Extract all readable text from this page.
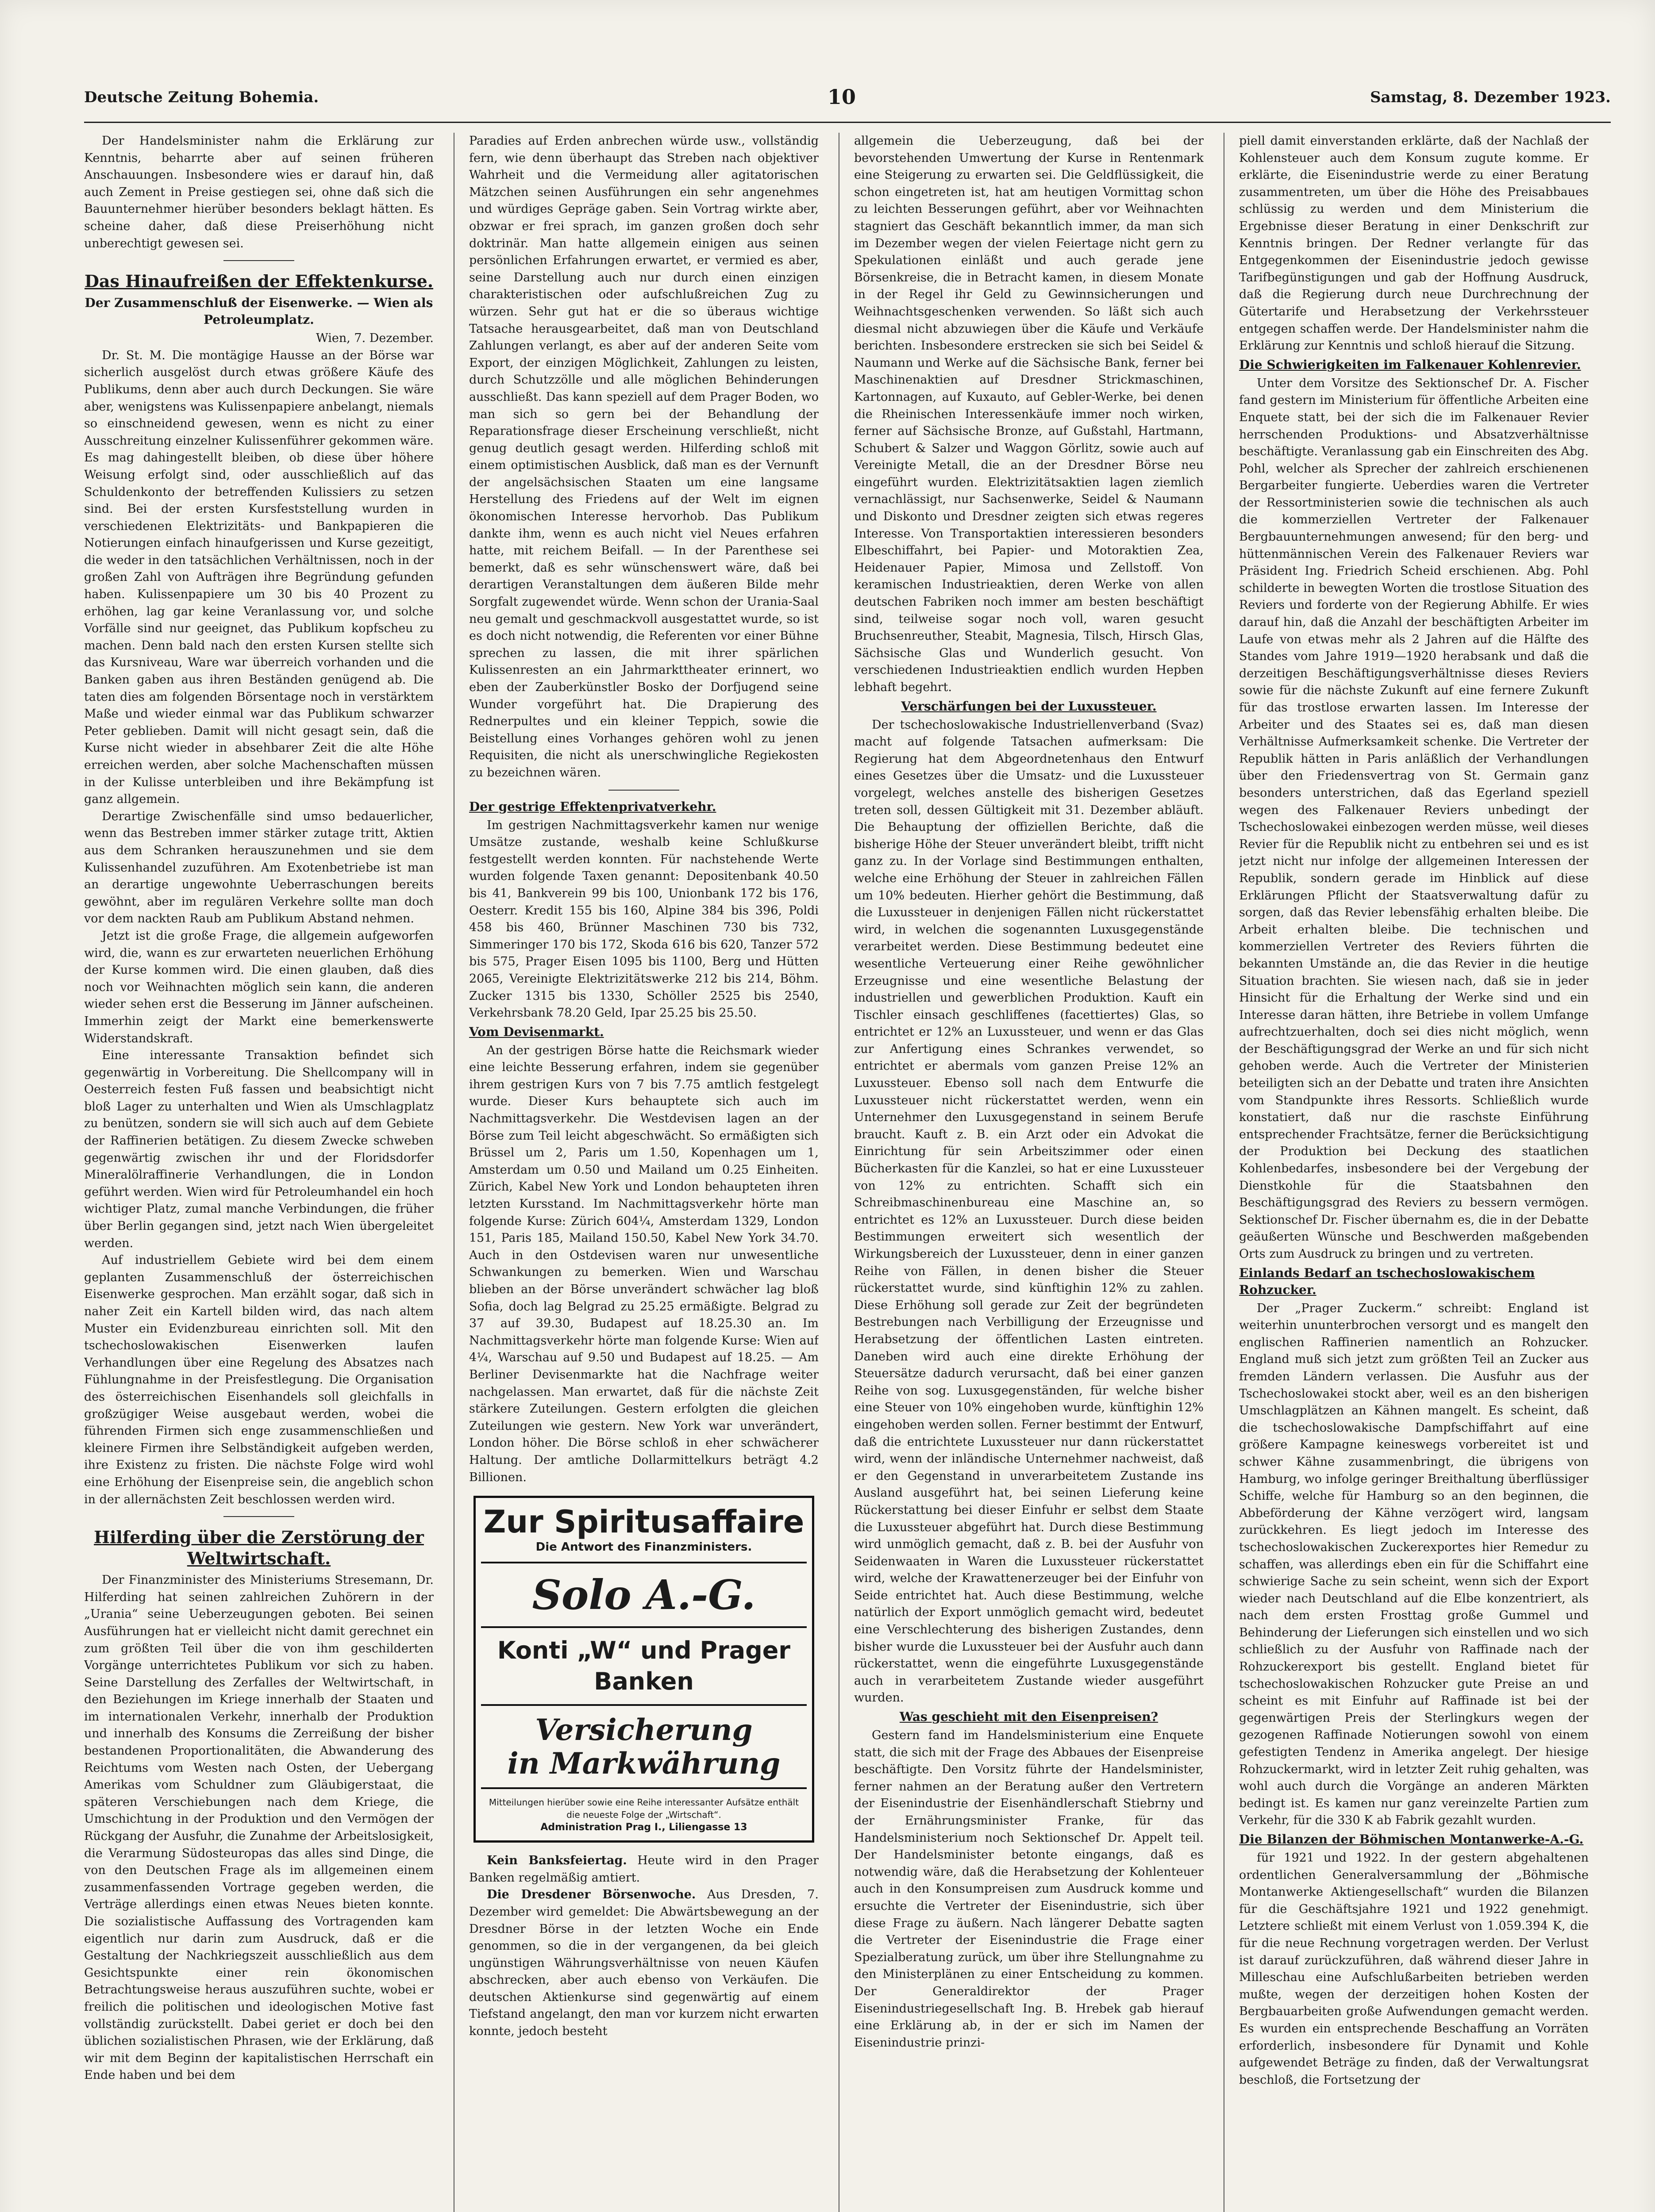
Deutsche Zeitung Bohemia.	10	Samstag, 8. Dezember 1923.

Der Handelsminister nahm die Erklärung zur Kenntnis, beharrte aber auf seinen früheren Anschauungen. Insbesondere wies er darauf hin, daß auch Zement in Preise gestiegen sei, ohne daß sich die Bauunternehmer hierüber besonders beklagt hätten. Es scheine daher, daß diese Preiserhöhung nicht unberechtigt gewesen sei.

Das Hinaufreißen der Effektenkurse.
Der Zusammenschluß der Eisenwerke. — Wien als Petroleumplatz.
Wien, 7. Dezember.

Dr. St. M. Die montägige Hausse an der Börse war sicherlich ausgelöst durch etwas größere Käufe des Publikums, denn aber auch durch Deckungen. Sie wäre aber, wenigstens was Kulissenpapiere anbelangt, niemals so einschneidend gewesen, wenn es nicht zu einer Ausschreitung einzelner Kulissenführer gekommen wäre. Es mag dahingestellt bleiben, ob diese über höhere Weisung erfolgt sind, oder ausschließlich auf das Schuldenkonto der betreffenden Kulissiers zu setzen sind. Bei der ersten Kursfeststellung wurden in verschiedenen Elektrizitäts- und Bankpapieren die Notierungen einfach hinaufgerissen und Kurse gezeitigt, die weder in den tatsächlichen Verhältnissen, noch in der großen Zahl von Aufträgen ihre Begründung gefunden haben. Kulissenpapiere um 30 bis 40 Prozent zu erhöhen, lag gar keine Veranlassung vor, und solche Vorfälle sind nur geeignet, das Publikum kopfscheu zu machen. Denn bald nach den ersten Kursen stellte sich das Kursniveau, Ware war überreich vorhanden und die Banken gaben aus ihren Beständen genügend ab. Die taten dies am folgenden Börsentage noch in verstärktem Maße und wieder einmal war das Publikum schwarzer Peter geblieben. Damit will nicht gesagt sein, daß die Kurse nicht wieder in absehbarer Zeit die alte Höhe erreichen werden, aber solche Machenschaften müssen in der Kulisse unterbleiben und ihre Bekämpfung ist ganz allgemein.

Derartige Zwischenfälle sind umso bedauerlicher, wenn das Bestreben immer stärker zutage tritt, Aktien aus dem Schranken herauszunehmen und sie dem Kulissenhandel zuzuführen. Am Exotenbetriebe ist man an derartige ungewohnte Ueberraschungen bereits gewöhnt, aber im regulären Verkehre sollte man doch vor dem nackten Raub am Publikum Abstand nehmen.

Jetzt ist die große Frage, die allgemein aufgeworfen wird, die, wann es zur erwarteten neuerlichen Erhöhung der Kurse kommen wird. Die einen glauben, daß dies noch vor Weihnachten möglich sein kann, die anderen wieder sehen erst die Besserung im Jänner aufscheinen. Immerhin zeigt der Markt eine bemerkenswerte Widerstandskraft.

Eine interessante Transaktion befindet sich gegenwärtig in Vorbereitung. Die Shellcompany will in Oesterreich festen Fuß fassen und beabsichtigt nicht bloß Lager zu unterhalten und Wien als Umschlagplatz zu benützen, sondern sie will sich auch auf dem Gebiete der Raffinerien betätigen. Zu diesem Zwecke schweben gegenwärtig zwischen ihr und der Floridsdorfer Mineralölraffinerie Verhandlungen, die in London geführt werden. Wien wird für Petroleumhandel ein hoch wichtiger Platz, zumal manche Verbindungen, die früher über Berlin gegangen sind, jetzt nach Wien übergeleitet werden.

Auf industriellem Gebiete wird bei dem einem geplanten Zusammenschluß der österreichischen Eisenwerke gesprochen. Man erzählt sogar, daß sich in naher Zeit ein Kartell bilden wird, das nach altem Muster ein Evidenzbureau einrichten soll. Mit den tschechoslowakischen Eisenwerken laufen Verhandlungen über eine Regelung des Absatzes nach Fühlungnahme in der Preisfestlegung. Die Organisation des österreichischen Eisenhandels soll gleichfalls in großzügiger Weise ausgebaut werden, wobei die führenden Firmen sich enge zusammenschließen und kleinere Firmen ihre Selbständigkeit aufgeben werden, ihre Existenz zu fristen. Die nächste Folge wird wohl eine Erhöhung der Eisenpreise sein, die angeblich schon in der allernächsten Zeit beschlossen werden wird.

Hilferding über die Zerstörung der Weltwirtschaft.

Der Finanzminister des Ministeriums Stresemann, Dr. Hilferding hat seinen zahlreichen Zuhörern in der „Urania“ seine Ueberzeugungen geboten. Bei seinen Ausführungen hat er vielleicht nicht damit gerechnet ein zum größten Teil über die von ihm geschilderten Vorgänge unterrichtetes Publikum vor sich zu haben. Seine Darstellung des Zerfalles der Weltwirtschaft, in den Beziehungen im Kriege innerhalb der Staaten und im internationalen Verkehr, innerhalb der Produktion und innerhalb des Konsums die Zerreißung der bisher bestandenen Proportionalitäten, die Abwanderung des Reichtums vom Westen nach Osten, der Uebergang Amerikas vom Schuldner zum Gläubigerstaat, die späteren Verschiebungen nach dem Kriege, die Umschichtung in der Produktion und den Vermögen der Rückgang der Ausfuhr, die Zunahme der Arbeitslosigkeit, die Verarmung Südosteuropas das alles sind Dinge, die von den Deutschen Frage als im allgemeinen einem zusammenfassenden Vortrage gegeben werden, die Verträge allerdings einen etwas Neues bieten konnte. Die sozialistische Auffassung des Vortragenden kam eigentlich nur darin zum Ausdruck, daß er die Gestaltung der Nachkriegszeit ausschließlich aus dem Gesichtspunkte einer rein ökonomischen Betrachtungsweise heraus auszuführen suchte, wobei er freilich die politischen und ideologischen Motive fast vollständig zurückstellt. Dabei geriet er doch bei den üblichen sozialistischen Phrasen, wie der Erklärung, daß wir mit dem Beginn der kapitalistischen Herrschaft ein Ende haben und bei dem

Paradies auf Erden anbrechen würde usw., vollständig fern, wie denn überhaupt das Streben nach objektiver Wahrheit und die Vermeidung aller agitatorischen Mätzchen seinen Ausführungen ein sehr angenehmes und würdiges Gepräge gaben. Sein Vortrag wirkte aber, obzwar er frei sprach, im ganzen großen doch sehr doktrinär. Man hatte allgemein einigen aus seinen persönlichen Erfahrungen erwartet, er vermied es aber, seine Darstellung auch nur durch einen einzigen charakteristischen oder aufschlußreichen Zug zu würzen. Sehr gut hat er die so überaus wichtige Tatsache herausgearbeitet, daß man von Deutschland Zahlungen verlangt, es aber auf der anderen Seite vom Export, der einzigen Möglichkeit, Zahlungen zu leisten, durch Schutzzölle und alle möglichen Behinderungen ausschließt. Das kann speziell auf dem Prager Boden, wo man sich so gern bei der Behandlung der Reparationsfrage dieser Erscheinung verschließt, nicht genug deutlich gesagt werden. Hilferding schloß mit einem optimistischen Ausblick, daß man es der Vernunft der angelsächsischen Staaten um eine langsame Herstellung des Friedens auf der Welt im eignen ökonomischen Interesse hervorhob. Das Publikum dankte ihm, wenn es auch nicht viel Neues erfahren hatte, mit reichem Beifall. — In der Parenthese sei bemerkt, daß es sehr wünschenswert wäre, daß bei derartigen Veranstaltungen dem äußeren Bilde mehr Sorgfalt zugewendet würde. Wenn schon der Urania-Saal neu gemalt und geschmackvoll ausgestattet wurde, so ist es doch nicht notwendig, die Referenten vor einer Bühne sprechen zu lassen, die mit ihrer spärlichen Kulissenresten an ein Jahrmarkttheater erinnert, wo eben der Zauberkünstler Bosko der Dorfjugend seine Wunder vorgeführt hat. Die Drapierung des Rednerpultes und ein kleiner Teppich, sowie die Beistellung eines Vorhanges gehören wohl zu jenen Requisiten, die nicht als unerschwingliche Regiekosten zu bezeichnen wären.

Der gestrige Effektenprivatverkehr.

Im gestrigen Nachmittagsverkehr kamen nur wenige Umsätze zustande, weshalb keine Schlußkurse festgestellt werden konnten. Für nachstehende Werte wurden folgende Taxen genannt: Depositenbank 40.50 bis 41, Bankverein 99 bis 100, Unionbank 172 bis 176, Oesterr. Kredit 155 bis 160, Alpine 384 bis 396, Poldi 458 bis 460, Brünner Maschinen 730 bis 732, Simmeringer 170 bis 172, Skoda 616 bis 620, Tanzer 572 bis 575, Prager Eisen 1095 bis 1100, Berg und Hütten 2065, Vereinigte Elektrizitätswerke 212 bis 214, Böhm. Zucker 1315 bis 1330, Schöller 2525 bis 2540, Verkehrsbank 78.20 Geld, Ipar 25.25 bis 25.50.

Vom Devisenmarkt.

An der gestrigen Börse hatte die Reichsmark wieder eine leichte Besserung erfahren, indem sie gegenüber ihrem gestrigen Kurs von 7 bis 7.75 amtlich festgelegt wurde. Dieser Kurs behauptete sich auch im Nachmittagsverkehr. Die Westdevisen lagen an der Börse zum Teil leicht abgeschwächt. So ermäßigten sich Brüssel um 2, Paris um 1.50, Kopenhagen um 1, Amsterdam um 0.50 und Mailand um 0.25 Einheiten. Zürich, Kabel New York und London behaupteten ihren letzten Kursstand. Im Nachmittagsverkehr hörte man folgende Kurse: Zürich 604¼, Amsterdam 1329, London 151, Paris 185, Mailand 150.50, Kabel New York 34.70. Auch in den Ostdevisen waren nur unwesentliche Schwankungen zu bemerken. Wien und Warschau blieben an der Börse unverändert schwächer lag bloß Sofia, doch lag Belgrad zu 25.25 ermäßigte. Belgrad zu 37 auf 39.30, Budapest auf 18.25.30 an. Im Nachmittagsverkehr hörte man folgende Kurse: Wien auf 4¼, Warschau auf 9.50 und Budapest auf 18.25. — Am Berliner Devisenmarkte hat die Nachfrage weiter nachgelassen. Man erwartet, daß für die nächste Zeit stärkere Zuteilungen. Gestern erfolgten die gleichen Zuteilungen wie gestern. New York war unverändert, London höher. Die Börse schloß in eher schwächerer Haltung. Der amtliche Dollarmittelkurs beträgt 4.2 Billionen.

Zur Spiritusaffaire
Die Antwort des Finanzministers.
Solo A.-G.
Konti „W“ und Prager Banken
Versicherung
in Markwährung
Mitteilungen hierüber sowie eine Reihe interessanter Aufsätze enthält die neueste Folge der „Wirtschaft“.
Administration Prag I., Liliengasse 13

Kein Banksfeiertag. Heute wird in den Prager Banken regelmäßig amtiert.

Die Dresdener Börsenwoche. Aus Dresden, 7. Dezember wird gemeldet: Die Abwärtsbewegung an der Dresdner Börse in der letzten Woche ein Ende genommen, so die in der vergangenen, da bei gleich ungünstigen Währungsverhältnisse von neuen Käufen abschrecken, aber auch ebenso von Verkäufen. Die deutschen Aktienkurse sind gegenwärtig auf einem Tiefstand angelangt, den man vor kurzem nicht erwarten konnte, jedoch besteht

allgemein die Ueberzeugung, daß bei der bevorstehenden Umwertung der Kurse in Rentenmark eine Steigerung zu erwarten sei. Die Geldflüssigkeit, die schon eingetreten ist, hat am heutigen Vormittag schon zu leichten Besserungen geführt, aber vor Weihnachten stagniert das Geschäft bekanntlich immer, da man sich im Dezember wegen der vielen Feiertage nicht gern zu Spekulationen einläßt und auch gerade jene Börsenkreise, die in Betracht kamen, in diesem Monate in der Regel ihr Geld zu Gewinnsicherungen und Weihnachtsgeschenken verwenden. So läßt sich auch diesmal nicht abzuwiegen über die Käufe und Verkäufe berichten. Insbesondere erstrecken sie sich bei Seidel & Naumann und Werke auf die Sächsische Bank, ferner bei Maschinenaktien auf Dresdner Strickmaschinen, Kartonnagen, auf Kuxauto, auf Gebler-Werke, bei denen die Rheinischen Interessenkäufe immer noch wirken, ferner auf Sächsische Bronze, auf Gußstahl, Hartmann, Schubert & Salzer und Waggon Görlitz, sowie auch auf Vereinigte Metall, die an der Dresdner Börse neu eingeführt wurden. Elektrizitätsaktien lagen ziemlich vernachlässigt, nur Sachsenwerke, Seidel & Naumann und Diskonto und Dresdner zeigten sich etwas regeres Interesse. Von Transportaktien interessieren besonders Elbeschiffahrt, bei Papier- und Motoraktien Zea, Heidenauer Papier, Mimosa und Zellstoff. Von keramischen Industrieaktien, deren Werke von allen deutschen Fabriken noch immer am besten beschäftigt sind, teilweise sogar noch voll, waren gesucht Bruchsenreuther, Steabit, Magnesia, Tilsch, Hirsch Glas, Sächsische Glas und Wunderlich gesucht. Von verschiedenen Industrieaktien endlich wurden Hepben lebhaft begehrt.

Verschärfungen bei der Luxussteuer.

Der tschechoslowakische Industriellenverband (Svaz) macht auf folgende Tatsachen aufmerksam: Die Regierung hat dem Abgeordnetenhaus den Entwurf eines Gesetzes über die Umsatz- und die Luxussteuer vorgelegt, welches anstelle des bisherigen Gesetzes treten soll, dessen Gültigkeit mit 31. Dezember abläuft. Die Behauptung der offiziellen Berichte, daß die bisherige Höhe der Steuer unverändert bleibt, trifft nicht ganz zu. In der Vorlage sind Bestimmungen enthalten, welche eine Erhöhung der Steuer in zahlreichen Fällen um 10% bedeuten. Hierher gehört die Bestimmung, daß die Luxussteuer in denjenigen Fällen nicht rückerstattet wird, in welchen die sogenannten Luxusgegenstände verarbeitet werden. Diese Bestimmung bedeutet eine wesentliche Verteuerung einer Reihe gewöhnlicher Erzeugnisse und eine wesentliche Belastung der industriellen und gewerblichen Produktion. Kauft ein Tischler einsach geschliffenes (facettiertes) Glas, so entrichtet er 12% an Luxussteuer, und wenn er das Glas zur Anfertigung eines Schrankes verwendet, so entrichtet er abermals vom ganzen Preise 12% an Luxussteuer. Ebenso soll nach dem Entwurfe die Luxussteuer nicht rückerstattet werden, wenn ein Unternehmer den Luxusgegenstand in seinem Berufe braucht. Kauft z. B. ein Arzt oder ein Advokat die Einrichtung für sein Arbeitszimmer oder einen Bücherkasten für die Kanzlei, so hat er eine Luxussteuer von 12% zu entrichten. Schafft sich ein Schreibmaschinenbureau eine Maschine an, so entrichtet es 12% an Luxussteuer. Durch diese beiden Bestimmungen erweitert sich wesentlich der Wirkungsbereich der Luxussteuer, denn in einer ganzen Reihe von Fällen, in denen bisher die Steuer rückerstattet wurde, sind künftighin 12% zu zahlen. Diese Erhöhung soll gerade zur Zeit der begründeten Bestrebungen nach Verbilligung der Erzeugnisse und Herabsetzung der öffentlichen Lasten eintreten. Daneben wird auch eine direkte Erhöhung der Steuersätze dadurch verursacht, daß bei einer ganzen Reihe von sog. Luxusgegenständen, für welche bisher eine Steuer von 10% eingehoben wurde, künftighin 12% eingehoben werden sollen. Ferner bestimmt der Entwurf, daß die entrichtete Luxussteuer nur dann rückerstattet wird, wenn der inländische Unternehmer nachweist, daß er den Gegenstand in unverarbeitetem Zustande ins Ausland ausgeführt hat, bei seinen Lieferung keine Rückerstattung bei dieser Einfuhr er selbst dem Staate die Luxussteuer abgeführt hat. Durch diese Bestimmung wird unmöglich gemacht, daß z. B. bei der Ausfuhr von Seidenwaaten in Waren die Luxussteuer rückerstattet wird, welche der Krawattenerzeuger bei der Einfuhr von Seide entrichtet hat. Auch diese Bestimmung, welche natürlich der Export unmöglich gemacht wird, bedeutet eine Verschlechterung des bisherigen Zustandes, denn bisher wurde die Luxussteuer bei der Ausfuhr auch dann rückerstattet, wenn die eingeführte Luxusgegenstände auch in verarbeitetem Zustande wieder ausgeführt wurden.

Was geschieht mit den Eisenpreisen?

Gestern fand im Handelsministerium eine Enquete statt, die sich mit der Frage des Abbaues der Eisenpreise beschäftigte. Den Vorsitz führte der Handelsminister, ferner nahmen an der Beratung außer den Vertretern der Eisenindustrie der Eisenhändlerschaft Stiebrny und der Ernährungsminister Franke, für das Handelsministerium noch Sektionschef Dr. Appelt teil. Der Handelsminister betonte eingangs, daß es notwendig wäre, daß die Herabsetzung der Kohlenteuer auch in den Konsumpreisen zum Ausdruck komme und ersuchte die Vertreter der Eisenindustrie, sich über diese Frage zu äußern. Nach längerer Debatte sagten die Vertreter der Eisenindustrie die Frage einer Spezialberatung zurück, um über ihre Stellungnahme zu den Ministerplänen zu einer Entscheidung zu kommen. Der Generaldirektor der Prager Eisenindustriegesellschaft Ing. B. Hrebek gab hierauf eine Erklärung ab, in der er sich im Namen der Eisenindustrie prinzi-

piell damit einverstanden erklärte, daß der Nachlaß der Kohlensteuer auch dem Konsum zugute komme. Er erklärte, die Eisenindustrie werde zu einer Beratung zusammentreten, um über die Höhe des Preisabbaues schlüssig zu werden und dem Ministerium die Ergebnisse dieser Beratung in einer Denkschrift zur Kenntnis bringen. Der Redner verlangte für das Entgegenkommen der Eisenindustrie jedoch gewisse Tarifbegünstigungen und gab der Hoffnung Ausdruck, daß die Regierung durch neue Durchrechnung der Gütertarife und Herabsetzung der Verkehrssteuer entgegen schaffen werde. Der Handelsminister nahm die Erklärung zur Kenntnis und schloß hierauf die Sitzung.

Die Schwierigkeiten im Falkenauer Kohlenrevier.

Unter dem Vorsitze des Sektionschef Dr. A. Fischer fand gestern im Ministerium für öffentliche Arbeiten eine Enquete statt, bei der sich die im Falkenauer Revier herrschenden Produktions- und Absatzverhältnisse beschäftigte. Veranlassung gab ein Einschreiten des Abg. Pohl, welcher als Sprecher der zahlreich erschienenen Bergarbeiter fungierte. Ueberdies waren die Vertreter der Ressortministerien sowie die technischen als auch die kommerziellen Vertreter der Falkenauer Bergbauunternehmungen anwesend; für den berg- und hüttenmännischen Verein des Falkenauer Reviers war Präsident Ing. Friedrich Scheid erschienen. Abg. Pohl schilderte in bewegten Worten die trostlose Situation des Reviers und forderte von der Regierung Abhilfe. Er wies darauf hin, daß die Anzahl der beschäftigten Arbeiter im Laufe von etwas mehr als 2 Jahren auf die Hälfte des Standes vom Jahre 1919—1920 herabsank und daß die derzeitigen Beschäftigungsverhältnisse dieses Reviers sowie für die nächste Zukunft auf eine fernere Zukunft für das trostlose erwarten lassen. Im Interesse der Arbeiter und des Staates sei es, daß man diesen Verhältnisse Aufmerksamkeit schenke. Die Vertreter der Republik hätten in Paris anläßlich der Verhandlungen über den Friedensvertrag von St. Germain ganz besonders unterstrichen, daß das Egerland speziell wegen des Falkenauer Reviers unbedingt der Tschechoslowakei einbezogen werden müsse, weil dieses Revier für die Republik nicht zu entbehren sei und es ist jetzt nicht nur infolge der allgemeinen Interessen der Republik, sondern gerade im Hinblick auf diese Erklärungen Pflicht der Staatsverwaltung dafür zu sorgen, daß das Revier lebensfähig erhalten bleibe. Die Arbeit erhalten bleibe. Die technischen und kommerziellen Vertreter des Reviers führten die bekannten Umstände an, die das Revier in die heutige Situation brachten. Sie wiesen nach, daß sie in jeder Hinsicht für die Erhaltung der Werke sind und ein Interesse daran hätten, ihre Betriebe in vollem Umfange aufrechtzuerhalten, doch sei dies nicht möglich, wenn der Beschäftigungsgrad der Werke an und für sich nicht gehoben werde. Auch die Vertreter der Ministerien beteiligten sich an der Debatte und traten ihre Ansichten vom Standpunkte ihres Ressorts. Schließlich wurde konstatiert, daß nur die raschste Einführung entsprechender Frachtsätze, ferner die Berücksichtigung der Produktion bei Deckung des staatlichen Kohlenbedarfes, insbesondere bei der Vergebung der Dienstkohle für die Staatsbahnen den Beschäftigungsgrad des Reviers zu bessern vermögen. Sektionschef Dr. Fischer übernahm es, die in der Debatte geäußerten Wünsche und Beschwerden maßgebenden Orts zum Ausdruck zu bringen und zu vertreten.

Einlands Bedarf an tschechoslowakischem Rohzucker.

Der „Prager Zuckerm.“ schreibt: England ist weiterhin ununterbrochen versorgt und es mangelt den englischen Raffinerien namentlich an Rohzucker. England muß sich jetzt zum größten Teil an Zucker aus fremden Ländern verlassen. Die Ausfuhr aus der Tschechoslowakei stockt aber, weil es an den bisherigen Umschlagplätzen an Kähnen mangelt. Es scheint, daß die tschechoslowakische Dampfschiffahrt auf eine größere Kampagne keineswegs vorbereitet ist und schwer Kähne zusammenbringt, die übrigens von Hamburg, wo infolge geringer Breithaltung überflüssiger Schiffe, welche für Hamburg so an den beginnen, die Abbeförderung der Kähne verzögert wird, langsam zurückkehren. Es liegt jedoch im Interesse des tschechoslowakischen Zuckerexportes hier Remedur zu schaffen, was allerdings eben ein für die Schiffahrt eine schwierige Sache zu sein scheint, wenn sich der Export wieder nach Deutschland auf die Elbe konzentriert, als nach dem ersten Frosttag große Gummel und Behinderung der Lieferungen sich einstellen und wo sich schließlich zu der Ausfuhr von Raffinade nach der Rohzuckerexport bis gestellt. England bietet für tschechoslowakischen Rohzucker gute Preise an und scheint es mit Einfuhr auf Raffinade ist bei der gegenwärtigen Preis der Sterlingkurs wegen der gezogenen Raffinade Notierungen sowohl von einem gefestigten Tendenz in Amerika angelegt. Der hiesige Rohzuckermarkt, wird in letzter Zeit ruhig gehalten, was wohl auch durch die Vorgänge an anderen Märkten bedingt ist. Es kamen nur ganz vereinzelte Partien zum Verkehr, für die 330 K ab Fabrik gezahlt wurden.

Die Bilanzen der Böhmischen Montanwerke-A.-G.

für 1921 und 1922. In der gestern abgehaltenen ordentlichen Generalversammlung der „Böhmische Montanwerke Aktiengesellschaft“ wurden die Bilanzen für die Geschäftsjahre 1921 und 1922 genehmigt. Letztere schließt mit einem Verlust von 1.059.394 K, die für die neue Rechnung vorgetragen werden. Der Verlust ist darauf zurückzuführen, daß während dieser Jahre in Milleschau eine Aufschlußarbeiten betrieben werden mußte, wegen der derzeitigen hohen Kosten der Bergbauarbeiten große Aufwendungen gemacht werden. Es wurden ein entsprechende Beschaffung an Vorräten erforderlich, insbesondere für Dynamit und Kohle aufgewendet Beträge zu finden, daß der Verwaltungsrat beschloß, die Fortsetzung der
